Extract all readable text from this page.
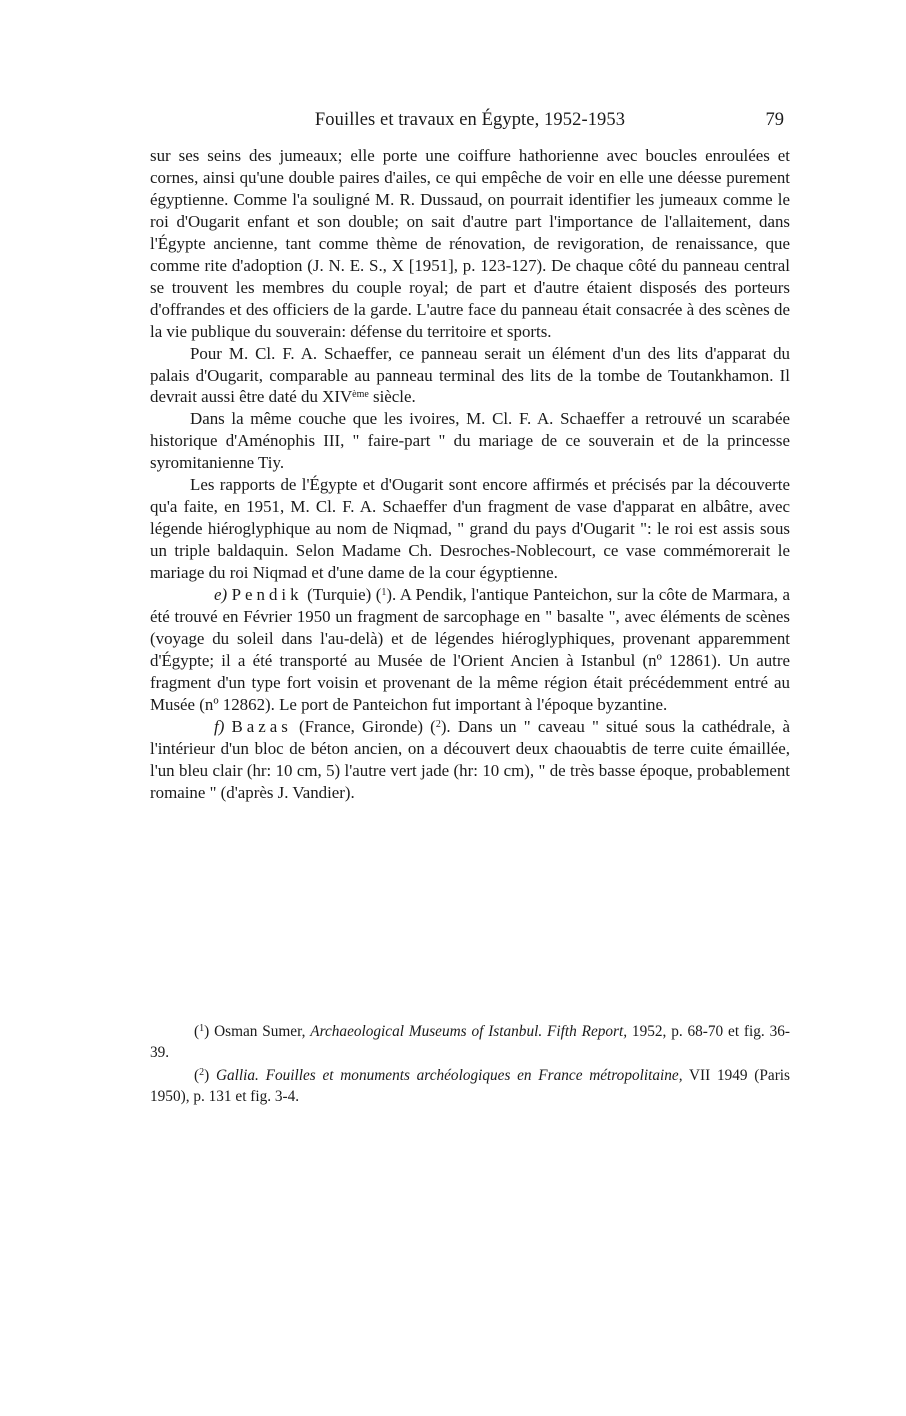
Fouilles et travaux en Égypte, 1952-1953	79

sur ses seins des jumeaux; elle porte une coiffure hathorienne avec boucles enroulées et cornes, ainsi qu'une double paires d'ailes, ce qui empêche de voir en elle une déesse purement égyptienne. Comme l'a souligné M. R. Dussaud, on pourrait identifier les jumeaux comme le roi d'Ougarit enfant et son double; on sait d'autre part l'importance de l'allaitement, dans l'Égypte ancienne, tant comme thème de rénovation, de revigoration, de renaissance, que comme rite d'adoption (J. N. E. S., X [1951], p. 123-127). De chaque côté du panneau central se trouvent les membres du couple royal; de part et d'autre étaient disposés des porteurs d'offrandes et des officiers de la garde. L'autre face du panneau était consacrée à des scènes de la vie publique du souverain: défense du territoire et sports.

Pour M. Cl. F. A. Schaeffer, ce panneau serait un élément d'un des lits d'apparat du palais d'Ougarit, comparable au panneau terminal des lits de la tombe de Toutankhamon. Il devrait aussi être daté du XIVème siècle.

Dans la même couche que les ivoires, M. Cl. F. A. Schaeffer a retrouvé un scarabée historique d'Aménophis III, " faire-part " du mariage de ce souverain et de la princesse syromitanienne Tiy.

Les rapports de l'Égypte et d'Ougarit sont encore affirmés et précisés par la découverte qu'a faite, en 1951, M. Cl. F. A. Schaeffer d'un fragment de vase d'apparat en albâtre, avec légende hiéroglyphique au nom de Niqmad, " grand du pays d'Ougarit ": le roi est assis sous un triple baldaquin. Selon Madame Ch. Desroches-Noblecourt, ce vase commémorerait le mariage du roi Niqmad et d'une dame de la cour égyptienne.

e) Pendik (Turquie) ($^1$). A Pendik, l'antique Panteichon, sur la côte de Marmara, a été trouvé en Février 1950 un fragment de sarcophage en " basalte ", avec éléments de scènes (voyage du soleil dans l'au-delà) et de légendes hiéroglyphiques, provenant apparemment d'Égypte; il a été transporté au Musée de l'Orient Ancien à Istanbul (nº 12861). Un autre fragment d'un type fort voisin et provenant de la même région était précédemment entré au Musée (nº 12862). Le port de Panteichon fut important à l'époque byzantine.

f) Bazas (France, Gironde) ($^2$). Dans un " caveau " situé sous la cathédrale, à l'intérieur d'un bloc de béton ancien, on a découvert deux chaouabtis de terre cuite émaillée, l'un bleu clair (hr: 10 cm, 5) l'autre vert jade (hr: 10 cm), " de très basse époque, probablement romaine " (d'après J. Vandier).

($^1$) Osman Sumer, Archaeological Museums of Istanbul. Fifth Report, 1952, p. 68-70 et fig. 36-39.

($^2$) Gallia. Fouilles et monuments archéologiques en France métropolitaine, VII 1949 (Paris 1950), p. 131 et fig. 3-4.
